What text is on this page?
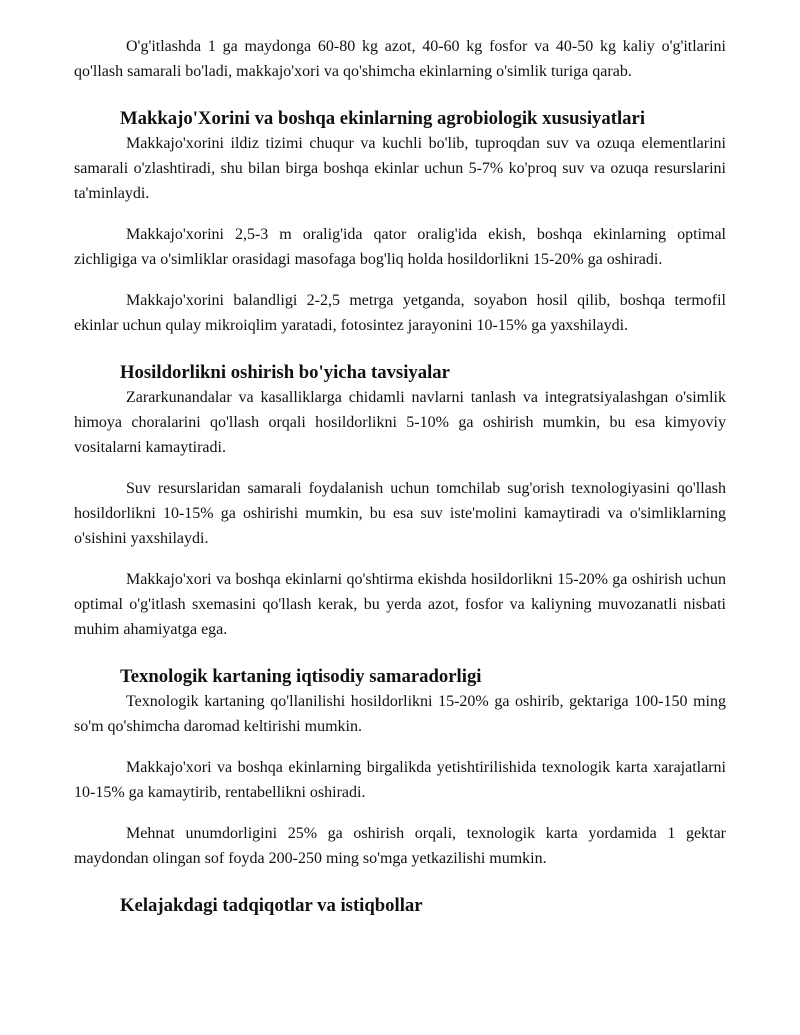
O'g'itlashda 1 ga maydonga 60-80 kg azot, 40-60 kg fosfor va 40-50 kg kaliy o'g'itlarini qo'llash samarali bo'ladi, makkajo'xori va qo'shimcha ekinlarning o'simlik turiga qarab.

Makkajo'Xorini va boshqa ekinlarning agrobiologik xususiyatlari

Makkajo'xorini ildiz tizimi chuqur va kuchli bo'lib, tuproqdan suv va ozuqa elementlarini samarali o'zlashtiradi, shu bilan birga boshqa ekinlar uchun 5-7% ko'proq suv va ozuqa resurslarini ta'minlaydi.

Makkajo'xorini 2,5-3 m oralig'ida qator oralig'ida ekish, boshqa ekinlarning optimal zichligiga va o'simliklar orasidagi masofaga bog'liq holda hosildorlikni 15-20% ga oshiradi.

Makkajo'xorini balandligi 2-2,5 metrga yetganda, soyabon hosil qilib, boshqa termofil ekinlar uchun qulay mikroiqlim yaratadi, fotosintez jarayonini 10-15% ga yaxshilaydi.

Hosildorlikni oshirish bo'yicha tavsiyalar

Zararkunandalar va kasalliklarga chidamli navlarni tanlash va integratsiyalashgan o'simlik himoya choralarini qo'llash orqali hosildorlikni 5-10% ga oshirish mumkin, bu esa kimyoviy vositalarni kamaytiradi.

Suv resurslaridan samarali foydalanish uchun tomchilab sug'orish texnologiyasini qo'llash hosildorlikni 10-15% ga oshirishi mumkin, bu esa suv iste'molini kamaytiradi va o'simliklarning o'sishini yaxshilaydi.

Makkajo'xori va boshqa ekinlarni qo'shtirma ekishda hosildorlikni 15-20% ga oshirish uchun optimal o'g'itlash sxemasini qo'llash kerak, bu yerda azot, fosfor va kaliyning muvozanatli nisbati muhim ahamiyatga ega.

Texnologik kartaning iqtisodiy samaradorligi

Texnologik kartaning qo'llanilishi hosildorlikni 15-20% ga oshirib, gektariga 100-150 ming so'm qo'shimcha daromad keltirishi mumkin.

Makkajo'xori va boshqa ekinlarning birgalikda yetishtirilishida texnologik karta xarajatlarni 10-15% ga kamaytirib, rentabellikni oshiradi.

Mehnat unumdorligini 25% ga oshirish orqali, texnologik karta yordamida 1 gektar maydondan olingan sof foyda 200-250 ming so'mga yetkazilishi mumkin.

Kelajakdagi tadqiqotlar va istiqbollar
